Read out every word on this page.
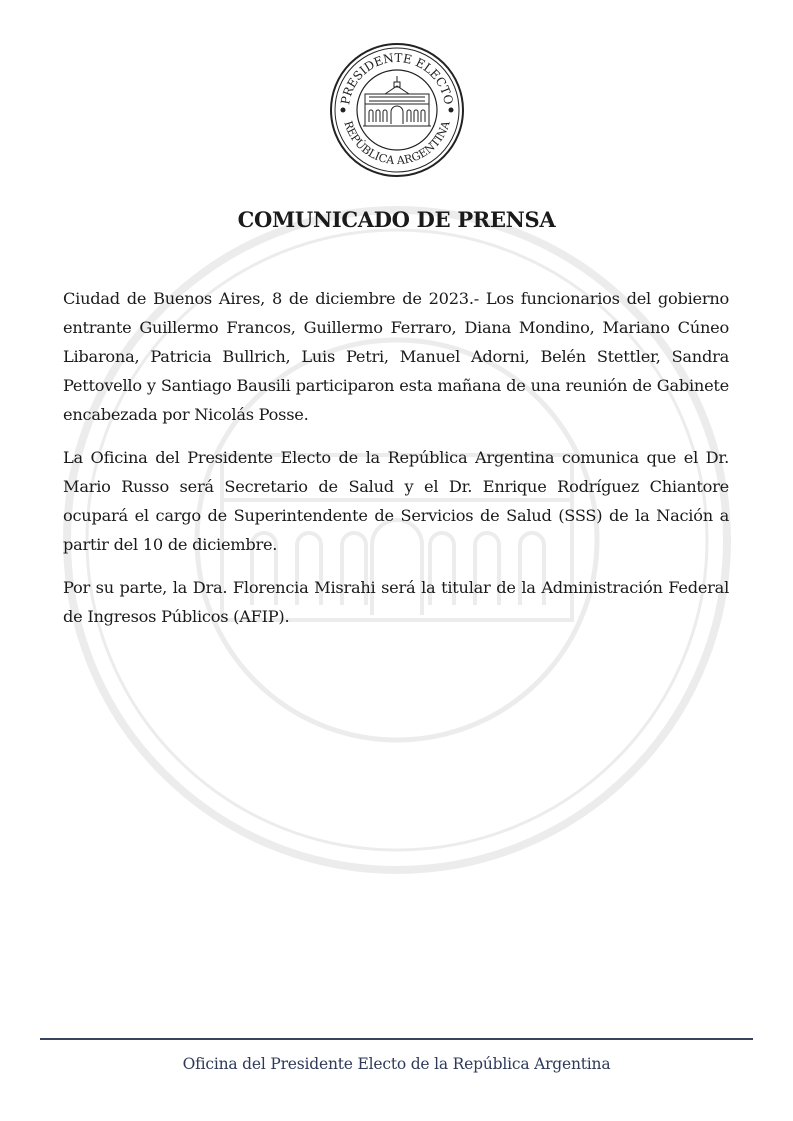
PRESIDENTE ELECTO
REPÚBLICA ARGENTINA
COMUNICADO DE PRENSA

Ciudad de Buenos Aires, 8 de diciembre de 2023.- Los funcionarios del gobierno entrante Guillermo Francos, Guillermo Ferraro, Diana Mondino, Mariano Cúneo Libarona, Patricia Bullrich, Luis Petri, Manuel Adorni, Belén Stettler, Sandra Pettovello y Santiago Bausili participaron esta mañana de una reunión de Gabinete encabezada por Nicolás Posse.

La Oficina del Presidente Electo de la República Argentina comunica que el Dr. Mario Russo será Secretario de Salud y el Dr. Enrique Rodríguez Chiantore ocupará el cargo de Superintendente de Servicios de Salud (SSS) de la Nación a partir del 10 de diciembre.

Por su parte, la Dra. Florencia Misrahi será la titular de la Administración Federal de Ingresos Públicos (AFIP).

Oficina del Presidente Electo de la República Argentina
